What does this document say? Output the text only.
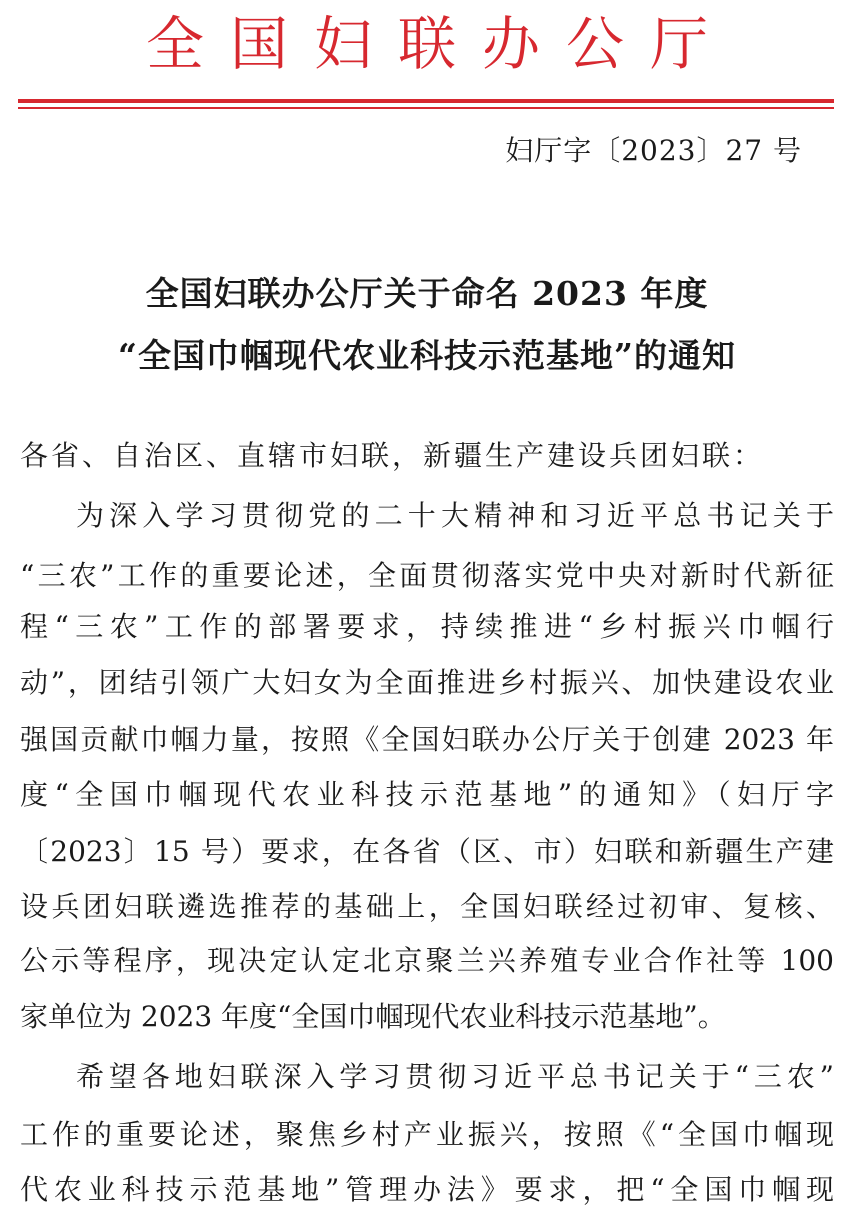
全国妇联办公厅
妇厅字〔2023〕27 号
全国妇联办公厅关于命名 2023 年度
“全国巾帼现代农业科技示范基地”的通知
各省、自治区、直辖市妇联，新疆生产建设兵团妇联：
为深入学习贯彻党的二十大精神和习近平总书记关于
“三农”工作的重要论述，全面贯彻落实党中央对新时代新征
程“三农”工作的部署要求，持续推进“乡村振兴巾帼行
动”，团结引领广大妇女为全面推进乡村振兴、加快建设农业
强国贡献巾帼力量，按照《全国妇联办公厅关于创建 2023 年
度“全国巾帼现代农业科技示范基地”的通知》（妇厅字
〔2023〕15 号）要求，在各省（区、市）妇联和新疆生产建
设兵团妇联遴选推荐的基础上，全国妇联经过初审、复核、
公示等程序，现决定认定北京聚兰兴养殖专业合作社等 100
家单位为 2023 年度“全国巾帼现代农业科技示范基地”。
希望各地妇联深入学习贯彻习近平总书记关于“三农”
工作的重要论述，聚焦乡村产业振兴，按照《“全国巾帼现
代农业科技示范基地”管理办法》要求，把“全国巾帼现
